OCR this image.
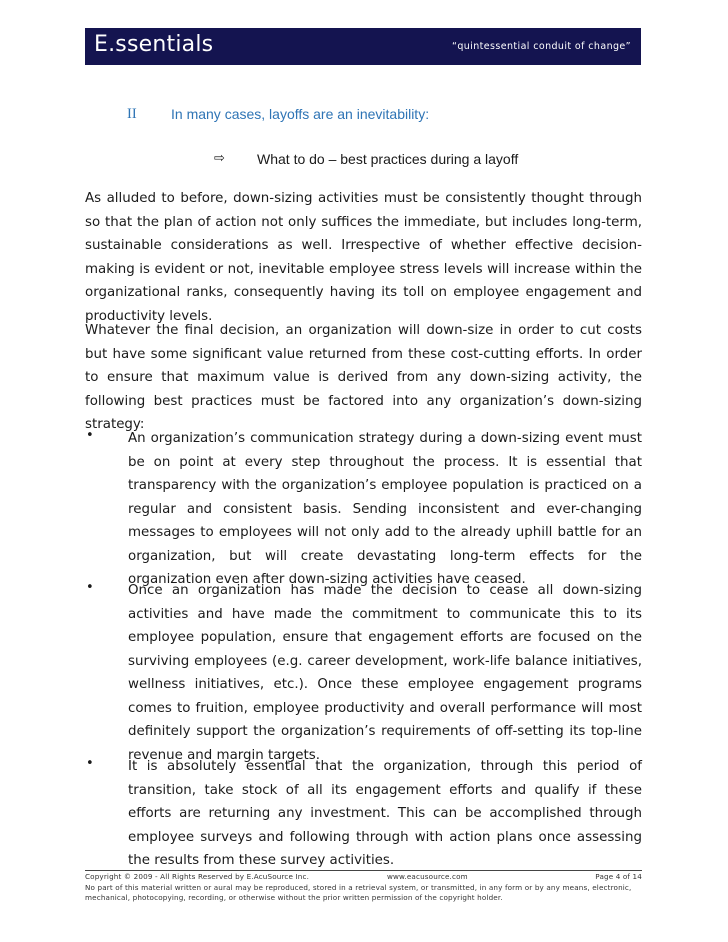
E.ssentials	“quintessential conduit of change”
II In many cases, layoffs are an inevitability:
⇨ What to do – best practices during a layoff

As alluded to before, down-sizing activities must be consistently thought through so that the plan of action not only suffices the immediate, but includes long-term, sustainable considerations as well. Irrespective of whether effective decision-making is evident or not, inevitable employee stress levels will increase within the organizational ranks, consequently having its toll on employee engagement and productivity levels.

Whatever the final decision, an organization will down-size in order to cut costs but have some significant value returned from these cost-cutting efforts. In order to ensure that maximum value is derived from any down-sizing activity, the following best practices must be factored into any organization’s down-sizing strategy:

•	An organization’s communication strategy during a down-sizing event must be on point at every step throughout the process. It is essential that transparency with the organization’s employee population is practiced on a regular and consistent basis. Sending inconsistent and ever-changing messages to employees will not only add to the already uphill battle for an organization, but will create devastating long-term effects for the organization even after down-sizing activities have ceased.

•	Once an organization has made the decision to cease all down-sizing activities and have made the commitment to communicate this to its employee population, ensure that engagement efforts are focused on the surviving employees (e.g. career development, work-life balance initiatives, wellness initiatives, etc.). Once these employee engagement programs comes to fruition, employee productivity and overall performance will most definitely support the organization’s requirements of off-setting its top-line revenue and margin targets.

•	It is absolutely essential that the organization, through this period of transition, take stock of all its engagement efforts and qualify if these efforts are returning any investment. This can be accomplished through employee surveys and following through with action plans once assessing the results from these survey activities.

Copyright © 2009 - All Rights Reserved by E.AcuSource Inc.	www.eacusource.com	Page 4 of 14
No part of this material written or aural may be reproduced, stored in a retrieval system, or transmitted, in any form or by any means, electronic, mechanical, photocopying, recording, or otherwise without the prior written permission of the copyright holder.
